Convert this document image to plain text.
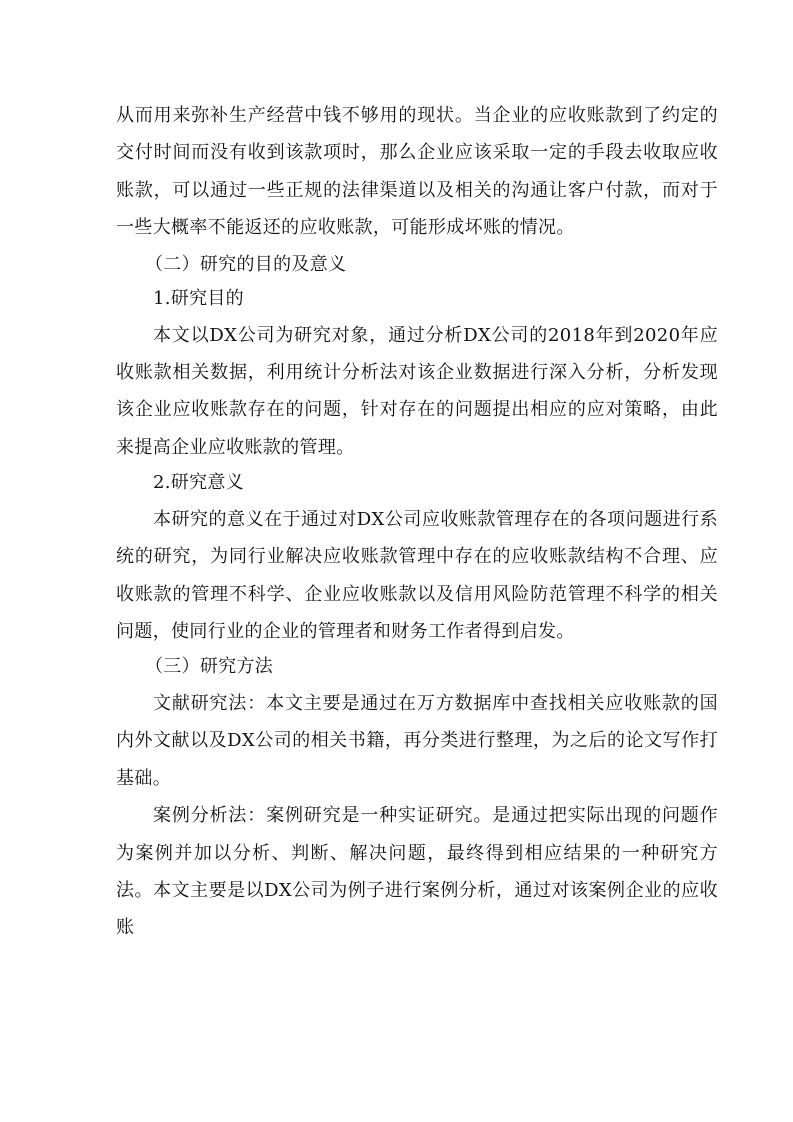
从而用来弥补生产经营中钱不够用的现状。当企业的应收账款到了约定的交付时间而没有收到该款项时，那么企业应该采取一定的手段去收取应收账款，可以通过一些正规的法律渠道以及相关的沟通让客户付款，而对于一些大概率不能返还的应收账款，可能形成坏账的情况。

（二）研究的目的及意义

1.研究目的

本文以DX公司为研究对象，通过分析DX公司的2018年到2020年应收账款相关数据，利用统计分析法对该企业数据进行深入分析，分析发现该企业应收账款存在的问题，针对存在的问题提出相应的应对策略，由此来提高企业应收账款的管理。

2.研究意义

本研究的意义在于通过对DX公司应收账款管理存在的各项问题进行系统的研究，为同行业解决应收账款管理中存在的应收账款结构不合理、应收账款的管理不科学、企业应收账款以及信用风险防范管理不科学的相关问题，使同行业的企业的管理者和财务工作者得到启发。

（三）研究方法

文献研究法：本文主要是通过在万方数据库中查找相关应收账款的国内外文献以及DX公司的相关书籍，再分类进行整理，为之后的论文写作打基础。

案例分析法：案例研究是一种实证研究。是通过把实际出现的问题作为案例并加以分析、判断、解决问题，最终得到相应结果的一种研究方法。本文主要是以DX公司为例子进行案例分析，通过对该案例企业的应收账
